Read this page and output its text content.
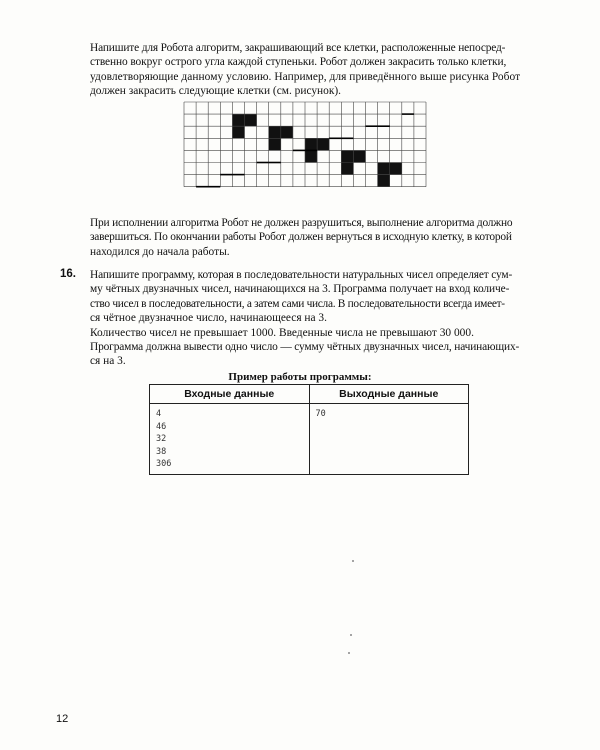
Напишите для Робота алгоритм, закрашивающий все клетки, расположенные непосред-
ственно вокруг острого угла каждой ступеньки. Робот должен закрасить только клетки,
удовлетворяющие данному условию. Например, для приведённого выше рисунка Робот
должен закрасить следующие клетки (см. рисунок).

При исполнении алгоритма Робот не должен разрушиться, выполнение алгоритма должно
завершиться. По окончании работы Робот должен вернуться в исходную клетку, в которой
находился до начала работы.

16. Напишите программу, которая в последовательности натуральных чисел определяет сум-
му чётных двузначных чисел, начинающихся на 3. Программа получает на вход количе-
ство чисел в последовательности, а затем сами числа. В последовательности всегда имеет-
ся чётное двузначное число, начинающееся на 3.
Количество чисел не превышает 1000. Введенные числа не превышают 30 000.
Программа должна вывести одно число — сумму чётных двузначных чисел, начинающих-
ся на 3.

Пример работы программы:
Входные данные	Выходные данные

4
46
32
38
306	70
12
